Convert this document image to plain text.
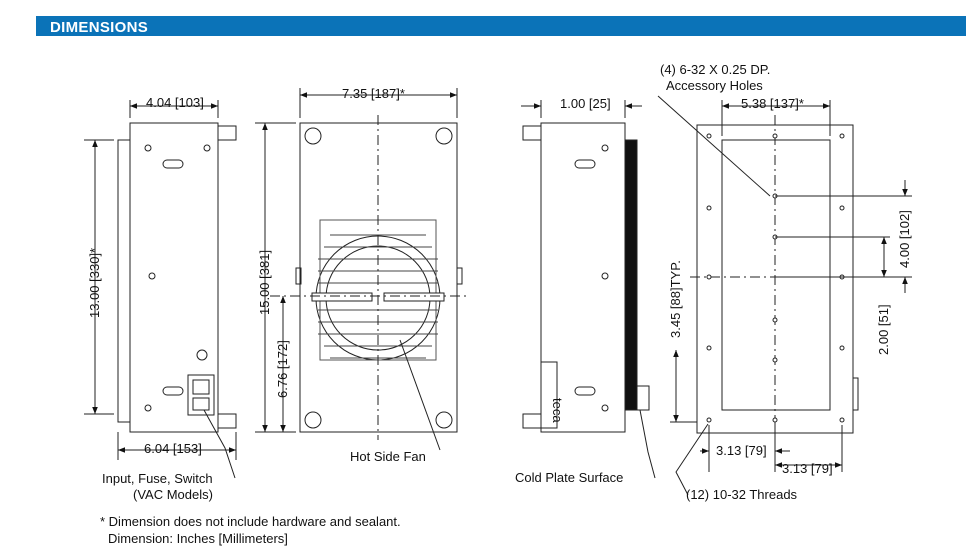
DIMENSIONS
4.04 [103]
13.00 [330]*
6.04 [153]
Input, Fuse, Switch
(VAC Models)
7.35 [187]*
15.00 [381]
6.76 [172]
Hot Side Fan
1.00 [25]
3.45 [88]TYP.
teca
Cold Plate Surface
5.38 [137]*
4.00 [102]
2.00 [51]
3.13 [79]
3.13 [79]
(4) 6-32 X 0.25 DP.
Accessory Holes
(12) 10-32 Threads
* Dimension does not include hardware and sealant.
Dimension: Inches [Millimeters]
